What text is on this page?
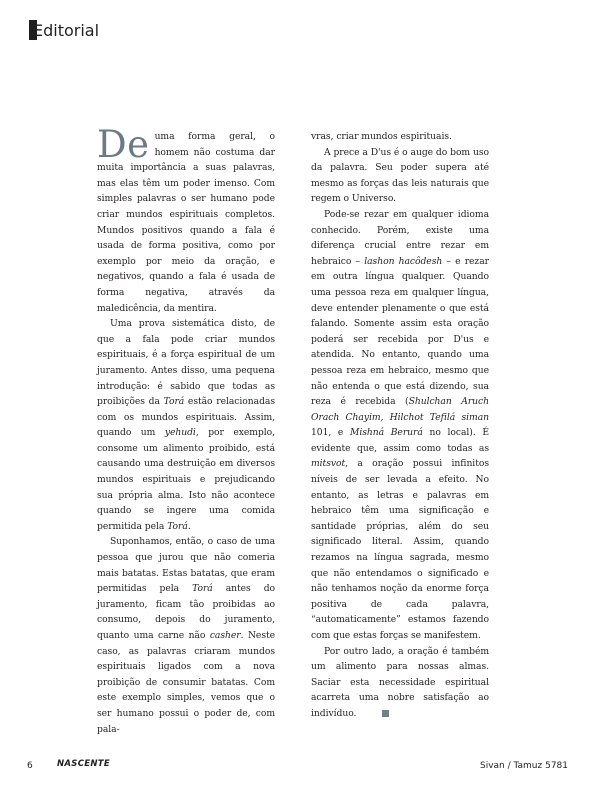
Editorial

De uma forma geral, o homem não costuma dar muita importância a suas palavras, mas elas têm um poder imenso. Com simples palavras o ser humano pode criar mundos espirituais completos. Mundos positivos quando a fala é usada de forma positiva, como por exemplo por meio da oração, e negativos, quando a fala é usada de forma negativa, através da maledicência, da mentira.

Uma prova sistemática disto, de que a fala pode criar mundos espirituais, é a força espiritual de um juramento. Antes disso, uma pequena introdução: é sabido que todas as proibições da Torá estão relacionadas com os mundos espirituais. Assim, quando um yehudi, por exemplo, consome um alimento proibido, está causando uma destruição em diversos mundos espirituais e prejudicando sua própria alma. Isto não acontece quando se ingere uma comida permitida pela Torá.

Suponhamos, então, o caso de uma pessoa que jurou que não comeria mais batatas. Estas batatas, que eram permitidas pela Torá antes do juramento, ficam tão proibidas ao consumo, depois do juramento, quanto uma carne não casher. Neste caso, as palavras criaram mundos espirituais ligados com a nova proibição de consumir batatas. Com este exemplo simples, vemos que o ser humano possui o poder de, com pala-

vras, criar mundos espirituais.

A prece a D'us é o auge do bom uso da palavra. Seu poder supera até mesmo as forças das leis naturais que regem o Universo.

Pode-se rezar em qualquer idioma conhecido. Porém, existe uma diferença crucial entre rezar em hebraico – lashon hacôdesh – e rezar em outra língua qualquer. Quando uma pessoa reza em qualquer língua, deve entender plenamente o que está falando. Somente assim esta oração poderá ser recebida por D'us e atendida. No entanto, quando uma pessoa reza em hebraico, mesmo que não entenda o que está dizendo, sua reza é recebida (Shulchan Aruch Orach Chayim, Hilchot Tefilá siman 101, e Mishná Berurá no local). É evidente que, assim como todas as mitsvot, a oração possui infinitos níveis de ser levada a efeito. No entanto, as letras e palavras em hebraico têm uma significação e santidade próprias, além do seu significado literal. Assim, quando rezamos na língua sagrada, mesmo que não entendamos o significado e não tenhamos noção da enorme força positiva de cada palavra, “automaticamente” estamos fazendo com que estas forças se manifestem.

Por outro lado, a oração é também um alimento para nossas almas. Saciar esta necessidade espiritual acarreta uma nobre satisfação ao indivíduo.

6	NASCENTE	Sivan / Tamuz 5781
